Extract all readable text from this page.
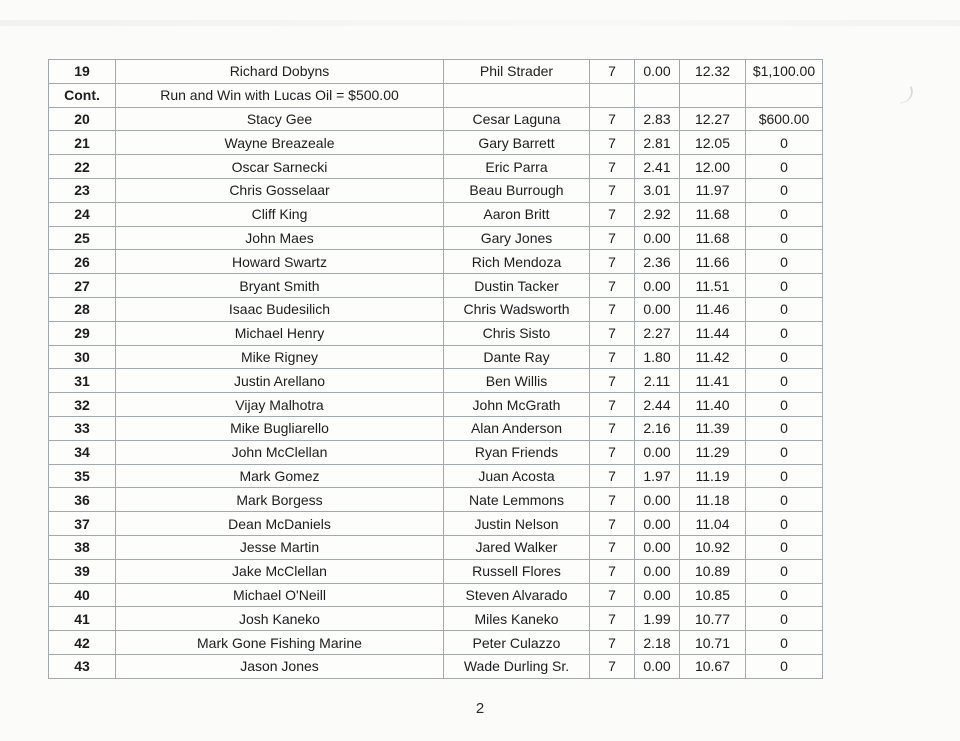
19	Richard Dobyns	Phil Strader	7	0.00	12.32	$1,100.00
Cont.	Run and Win with Lucas Oil = $500.00					
20	Stacy Gee	Cesar Laguna	7	2.83	12.27	$600.00
21	Wayne Breazeale	Gary Barrett	7	2.81	12.05	0
22	Oscar Sarnecki	Eric Parra	7	2.41	12.00	0
23	Chris Gosselaar	Beau Burrough	7	3.01	11.97	0
24	Cliff King	Aaron Britt	7	2.92	11.68	0
25	John Maes	Gary Jones	7	0.00	11.68	0
26	Howard Swartz	Rich Mendoza	7	2.36	11.66	0
27	Bryant Smith	Dustin Tacker	7	0.00	11.51	0
28	Isaac Budesilich	Chris Wadsworth	7	0.00	11.46	0
29	Michael Henry	Chris Sisto	7	2.27	11.44	0
30	Mike Rigney	Dante Ray	7	1.80	11.42	0
31	Justin Arellano	Ben Willis	7	2.11	11.41	0
32	Vijay Malhotra	John McGrath	7	2.44	11.40	0
33	Mike Bugliarello	Alan Anderson	7	2.16	11.39	0
34	John McClellan	Ryan Friends	7	0.00	11.29	0
35	Mark Gomez	Juan Acosta	7	1.97	11.19	0
36	Mark Borgess	Nate Lemmons	7	0.00	11.18	0
37	Dean McDaniels	Justin Nelson	7	0.00	11.04	0
38	Jesse Martin	Jared Walker	7	0.00	10.92	0
39	Jake McClellan	Russell Flores	7	0.00	10.89	0
40	Michael O'Neill	Steven Alvarado	7	0.00	10.85	0
41	Josh Kaneko	Miles Kaneko	7	1.99	10.77	0
42	Mark Gone Fishing Marine	Peter Culazzo	7	2.18	10.71	0
43	Jason Jones	Wade Durling Sr.	7	0.00	10.67	0
2
